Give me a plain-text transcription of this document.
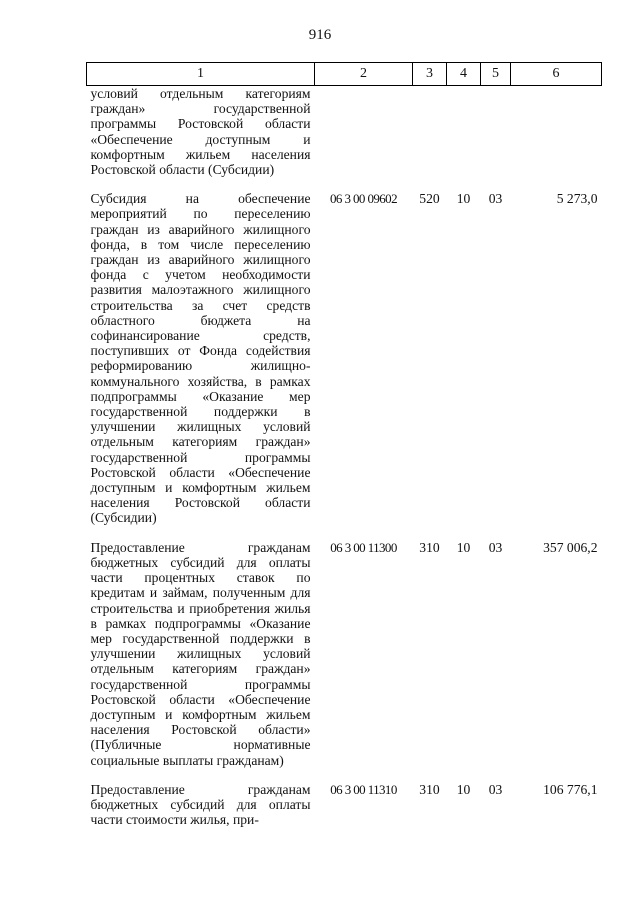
916
1	2	3	4	5	6
условий отдельным категориям граждан» государственной программы Ростовской области «Обеспечение доступным и комфортным жильем населения Ростовской области (Субсидии)					

Субсидия на обеспечение мероприятий по переселению граждан из аварийного жилищного фонда, в том числе переселению граждан из аварийного жилищного фонда с учетом необходимости развития малоэтажного жилищного строительства за счет средств областного бюджета на софинансирование средств, поступивших от Фонда содействия реформированию жилищно-коммунального хозяйства, в рамках подпрограммы «Оказание мер государственной поддержки в улучшении жилищных условий отдельным категориям граждан» государственной программы Ростовской области «Обеспечение доступным и комфортным жильем населения Ростовской области (Субсидии)	06 3 00 09602	520	10	03	5 273,0

Предоставление гражданам бюджетных субсидий для оплаты части процентных ставок по кредитам и займам, полученным для строительства и приобретения жилья в рамках подпрограммы «Оказание мер государственной поддержки в улучшении жилищных условий отдельным категориям граждан» государственной программы Ростовской области «Обеспечение доступным и комфортным жильем населения Ростовской области» (Публичные нормативные социальные выплаты гражданам)	06 3 00 11300	310	10	03	357 006,2

Предоставление гражданам бюджетных субсидий для оплаты части стоимости жилья, при-	06 3 00 11310	310	10	03	106 776,1
